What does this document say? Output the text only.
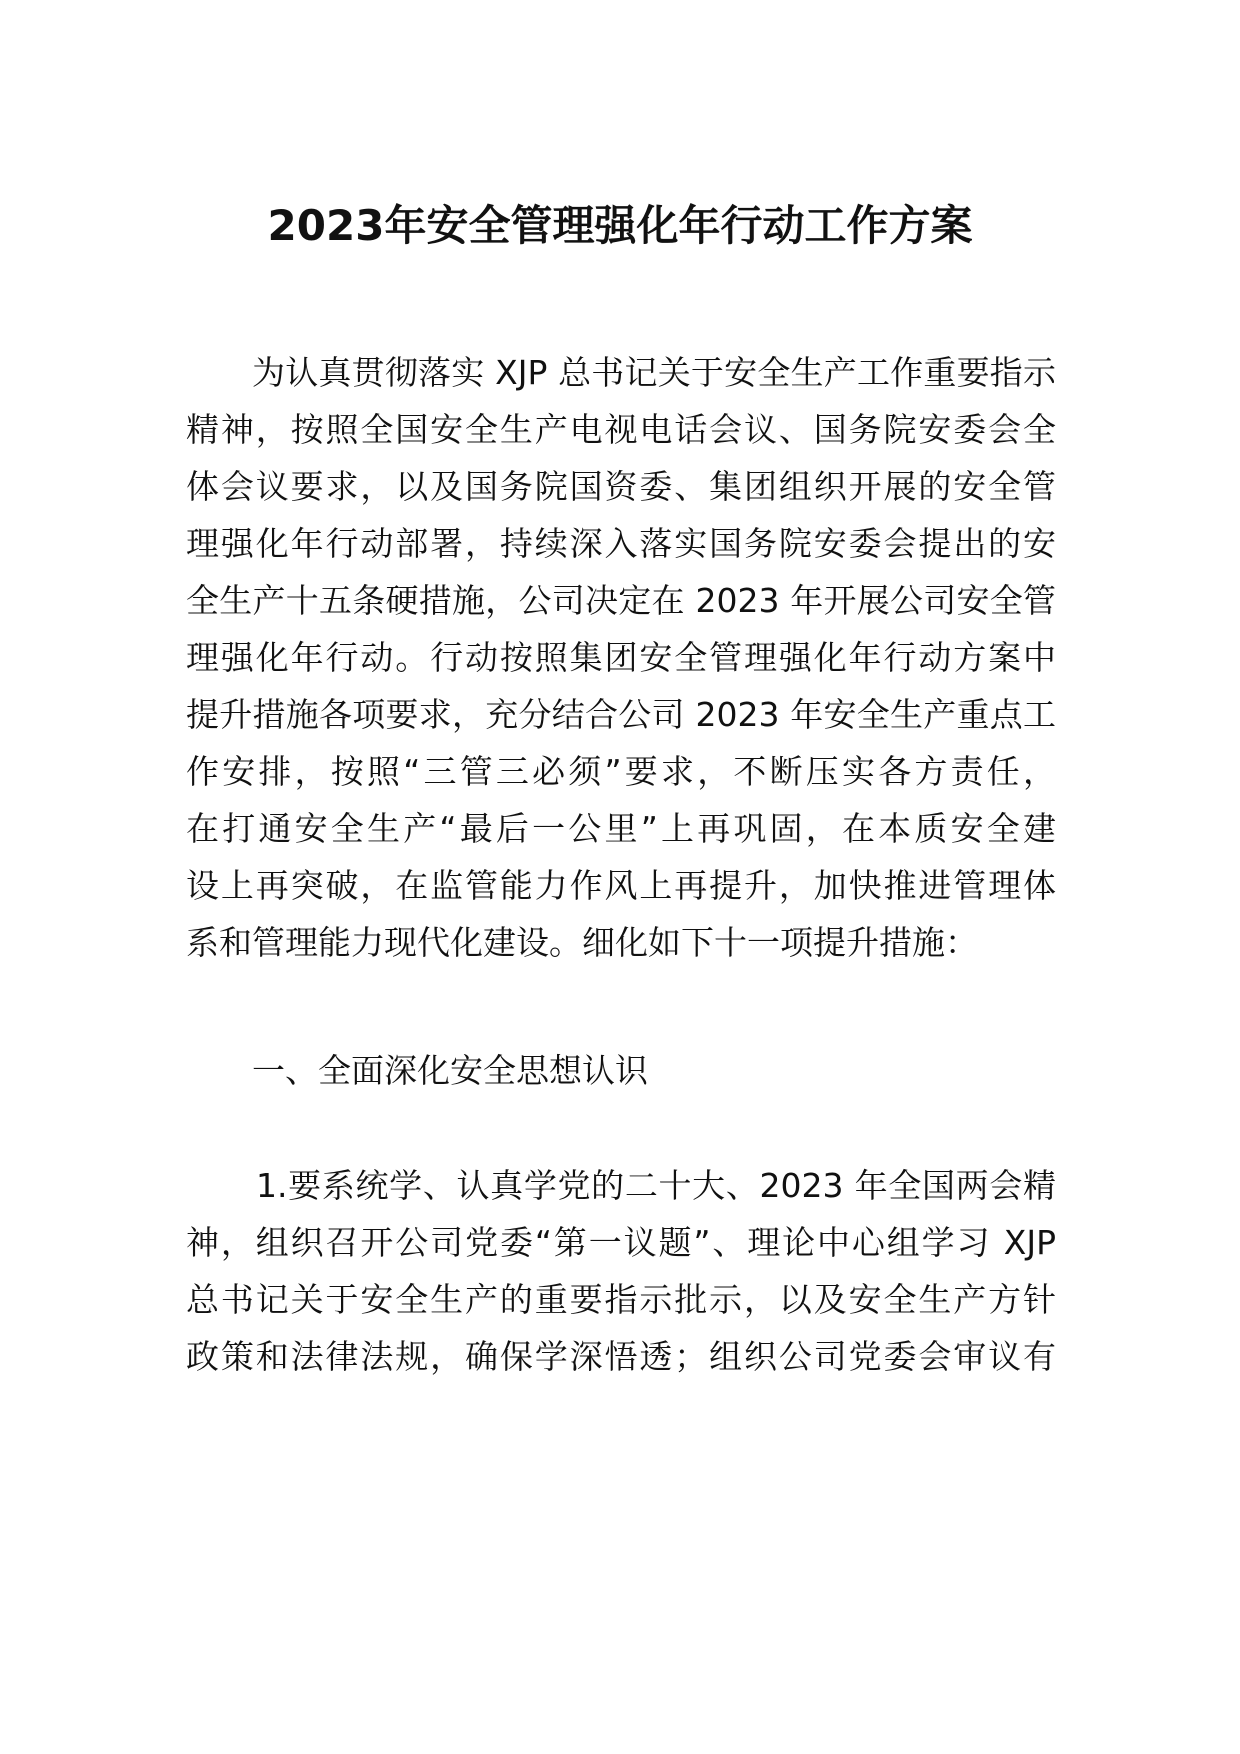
2023年安全管理强化年行动工作方案

为认真贯彻落实 XJP 总书记关于安全生产工作重要指示

精神，按照全国安全生产电视电话会议、国务院安委会全

体会议要求，以及国务院国资委、集团组织开展的安全管

理强化年行动部署，持续深入落实国务院安委会提出的安

全生产十五条硬措施，公司决定在 2023 年开展公司安全管

理强化年行动。行动按照集团安全管理强化年行动方案中

提升措施各项要求，充分结合公司 2023 年安全生产重点工

作安排，按照“三管三必须”要求，不断压实各方责任，

在打通安全生产“最后一公里”上再巩固，在本质安全建

设上再突破，在监管能力作风上再提升，加快推进管理体

系和管理能力现代化建设。细化如下十一项提升措施：

一、全面深化安全思想认识

1.要系统学、认真学党的二十大、2023 年全国两会精

神，组织召开公司党委“第一议题”、理论中心组学习 XJP

总书记关于安全生产的重要指示批示，以及安全生产方针

政策和法律法规，确保学深悟透；组织公司党委会审议有
